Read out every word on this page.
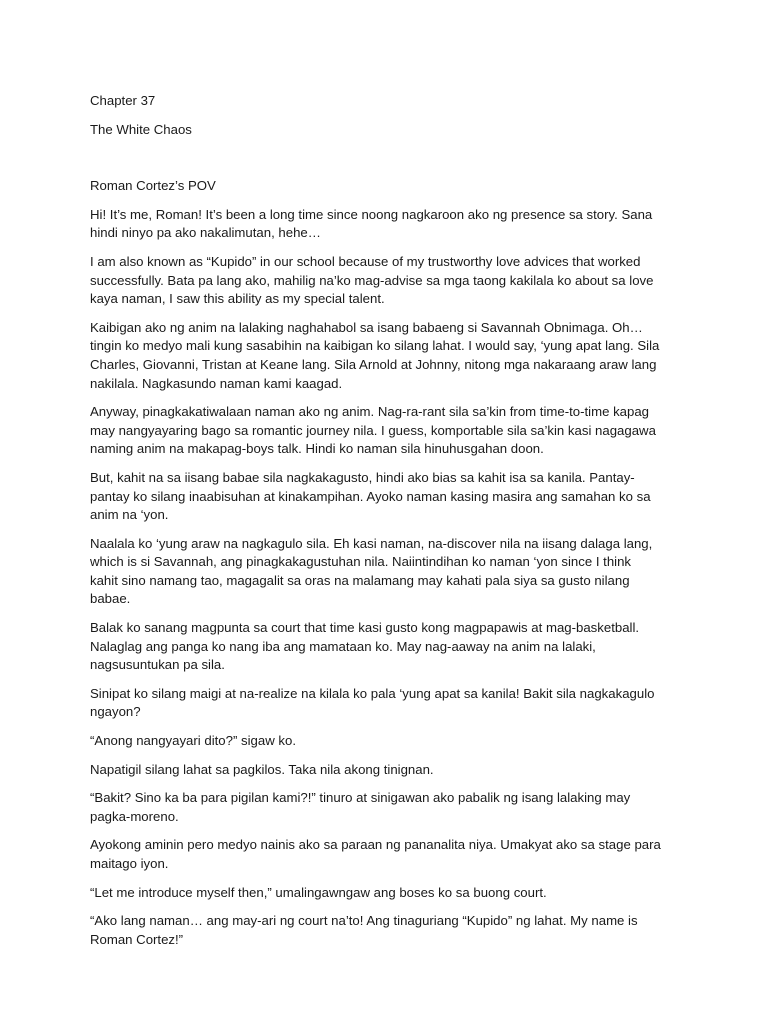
Chapter 37

The White Chaos

Roman Cortez’s POV

Hi! It’s me, Roman! It’s been a long time since noong nagkaroon ako ng presence sa story. Sana hindi ninyo pa ako nakalimutan, hehe…

I am also known as “Kupido” in our school because of my trustworthy love advices that worked successfully. Bata pa lang ako, mahilig na’ko mag-advise sa mga taong kakilala ko about sa love kaya naman, I saw this ability as my special talent.

Kaibigan ako ng anim na lalaking naghahabol sa isang babaeng si Savannah Obnimaga. Oh… tingin ko medyo mali kung sasabihin na kaibigan ko silang lahat. I would say, ‘yung apat lang. Sila Charles, Giovanni, Tristan at Keane lang. Sila Arnold at Johnny, nitong mga nakaraang araw lang nakilala. Nagkasundo naman kami kaagad.

Anyway, pinagkakatiwalaan naman ako ng anim. Nag-ra-rant sila sa’kin from time-to-time kapag may nangyayaring bago sa romantic journey nila. I guess, komportable sila sa’kin kasi nagagawa naming anim na makapag-boys talk. Hindi ko naman sila hinuhusgahan doon.

But, kahit na sa iisang babae sila nagkakagusto, hindi ako bias sa kahit isa sa kanila. Pantay-pantay ko silang inaabisuhan at kinakampihan. Ayoko naman kasing masira ang samahan ko sa anim na ‘yon.

Naalala ko ‘yung araw na nagkagulo sila. Eh kasi naman, na-discover nila na iisang dalaga lang, which is si Savannah, ang pinagkakagustuhan nila. Naiintindihan ko naman ‘yon since I think kahit sino namang tao, magagalit sa oras na malamang may kahati pala siya sa gusto nilang babae.

Balak ko sanang magpunta sa court that time kasi gusto kong magpapawis at mag-basketball. Nalaglag ang panga ko nang iba ang mamataan ko. May nag-aaway na anim na lalaki, nagsusuntukan pa sila.

Sinipat ko silang maigi at na-realize na kilala ko pala ‘yung apat sa kanila! Bakit sila nagkakagulo ngayon?

“Anong nangyayari dito?” sigaw ko.

Napatigil silang lahat sa pagkilos. Taka nila akong tinignan.

“Bakit? Sino ka ba para pigilan kami?!” tinuro at sinigawan ako pabalik ng isang lalaking may pagka-moreno.

Ayokong aminin pero medyo nainis ako sa paraan ng pananalita niya. Umakyat ako sa stage para maitago iyon.

“Let me introduce myself then,” umalingawngaw ang boses ko sa buong court.

“Ako lang naman… ang may-ari ng court na’to! Ang tinaguriang “Kupido” ng lahat. My name is Roman Cortez!”
